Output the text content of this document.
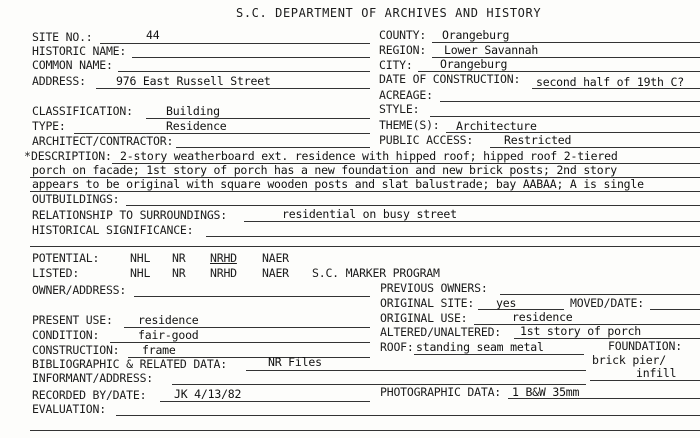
S.C. DEPARTMENT OF ARCHIVES AND HISTORY
SITE NO.:	44
HISTORIC NAME:
COMMON NAME:
ADDRESS:	976 East Russell Street
CLASSIFICATION:	Building
TYPE:	Residence
ARCHITECT/CONTRACTOR:
COUNTY: Orangeburg
REGION: Lower Savannah
CITY: Orangeburg
DATE OF CONSTRUCTION: second half of 19th C?
ACREAGE:
STYLE:
THEME(S): Architecture
PUBLIC ACCESS:	Restricted
* DESCRIPTION: 2-story weatherboard ext. residence with hipped roof; hipped roof 2-tiered
porch on facade; 1st story of porch has a new foundation and new brick posts; 2nd story
appears to be original with square wooden posts and slat balustrade; bay AABAA; A is single
OUTBUILDINGS:
RELATIONSHIP TO SURROUNDINGS:	residential on busy street
HISTORICAL SIGNIFICANCE:
POTENTIAL:	NHL NR NRHD NAER
LISTED:	NHL NR NRHD NAER S.C. MARKER PROGRAM
OWNER/ADDRESS:	PREVIOUS OWNERS:
ORIGINAL SITE: yes	MOVED/DATE:
PRESENT USE: residence	ORIGINAL USE:	residence
CONDITION:	fair-good	ALTERED/UNALTERED: 1st story of porch
CONSTRUCTION: frame	ROOF: standing seam metal	FOUNDATION:
brick pier/
infill
BIBLIOGRAPHIC & RELATED DATA:	NR Files
INFORMANT/ADDRESS:
RECORDED BY/DATE: JK 4/13/82	PHOTOGRAPHIC DATA: 1 B&W 35mm
EVALUATION:
